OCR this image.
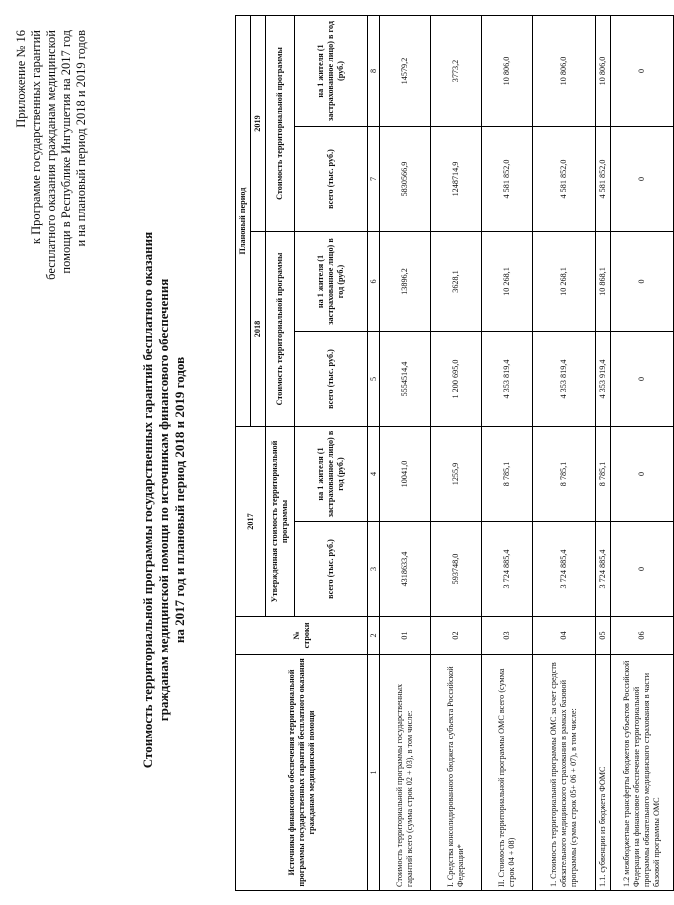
Приложение № 16 к Программе государственных гарантий бесплатного оказания гражданам медицинской помощи в Республике Ингушетия на 2017 год и на плановый период 2018 и 2019 годов
Стоимость территориальной программы государственных гарантий бесплатного оказания гражданам медицинской помощи по источникам финансового обеспечения на 2017 год и плановый период 2018 и 2019 годов
Источники финансового обеспечения территориальной программы государственных гарантий бесплатного оказания гражданам медицинской помощи	№ строки	2017		Плановый период			
				2018		2019	
		Утвержденная стоимость территориальной программы		Стоимость территориальной программы		Стоимость территориальной программы	
		всего (тыс. руб.)	на 1 жителя (1 застрахованное лицо) в год (руб.)	всего (тыс. руб.)	на 1 жителя (1 застрахованное лицо) в год (руб.)	всего (тыс. руб.)	на 1 жителя (1 застрахованное лицо) в год (руб.)
1	2	3	4	5	6	7	8
Стоимость территориальной программы государственных гарантий всего (сумма строк 02 + 03), в том числе:	01	4318633,4	10041,0	5554514,4	13896,2	5830566,9	14579,2
I. Средства консолидированного бюджета субъекта Российской Федерации*	02	593748,0	1255,9	1 200 695,0	3628,1	1248714,9	3773,2
II. Стоимость территориальной программы ОМС всего (сумма строк 04 + 08)	03	3 724 885,4	8 785,1	4 353 819,4	10 268,1	4 581 852,0	10 806,0
1. Стоимость территориальной программы ОМС за счет средств обязательного медицинского страхования в рамках базовой программы (сумма строк 05+ 06 + 07), в том числе:	04	3 724 885,4	8 785,1	4 353 819,4	10 268,1	4 581 852,0	10 806,0
1.1. субвенции из бюджета ФОМС	05	3 724 885,4	8 785,1	4 353 919,4	10 868,1	4 581 852,0	10 806,0
1.2 межбюджетные трансферты бюджетов субъектов Российской Федерации на финансовое обеспечение территориальной программы обязательного медицинского страхования в части базовой программы ОМС	06	0	0	0	0	0	0
